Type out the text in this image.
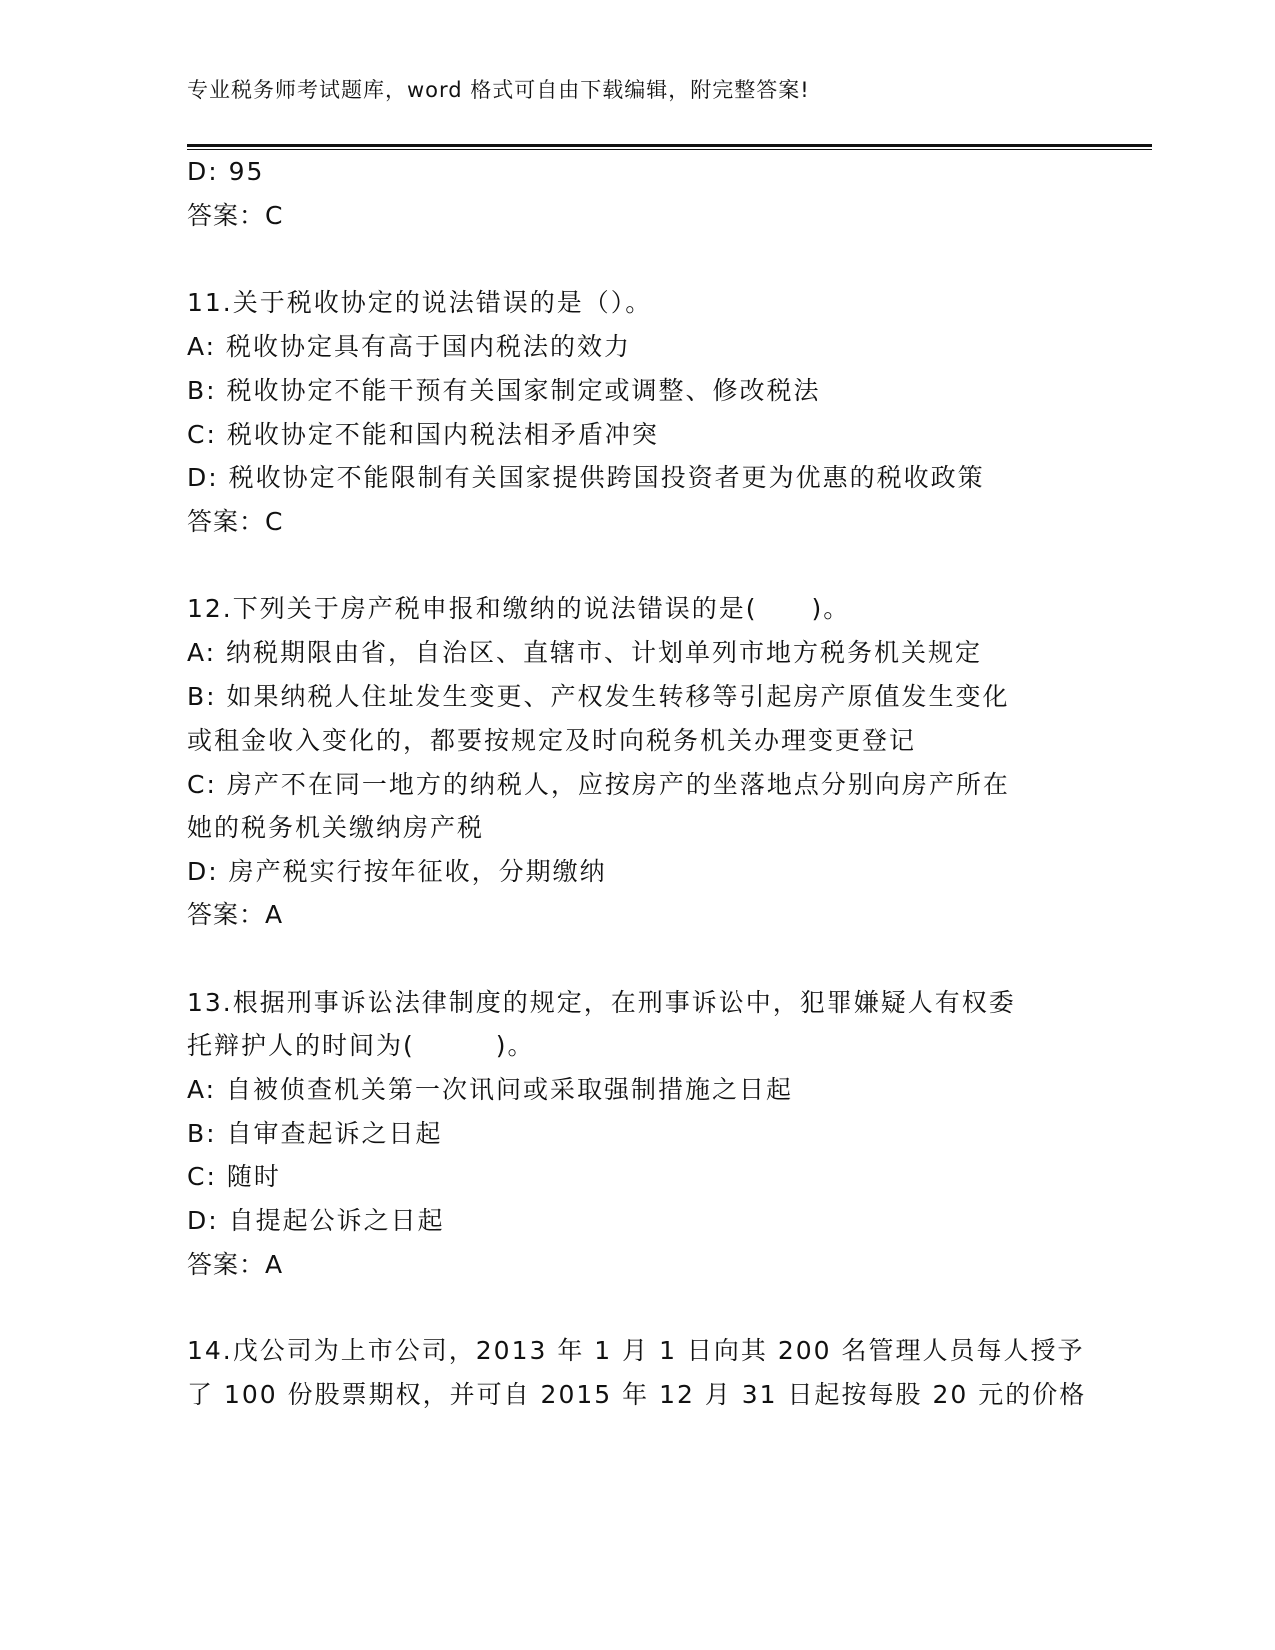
专业税务师考试题库，word 格式可自由下载编辑，附完整答案!
D: 95
答案：C
11.关于税收协定的说法错误的是（）。
A: 税收协定具有高于国内税法的效力
B: 税收协定不能干预有关国家制定或调整、修改税法
C: 税收协定不能和国内税法相矛盾冲突
D: 税收协定不能限制有关国家提供跨国投资者更为优惠的税收政策
答案：C
12.下列关于房产税申报和缴纳的说法错误的是(　　)。
A: 纳税期限由省，自治区、直辖市、计划单列市地方税务机关规定
B: 如果纳税人住址发生变更、产权发生转移等引起房产原值发生变化
或租金收入变化的，都要按规定及时向税务机关办理变更登记
C: 房产不在同一地方的纳税人，应按房产的坐落地点分别向房产所在
她的税务机关缴纳房产税
D: 房产税实行按年征收，分期缴纳
答案：A
13.根据刑事诉讼法律制度的规定，在刑事诉讼中，犯罪嫌疑人有权委
托辩护人的时间为(　　　)。
A: 自被侦查机关第一次讯问或采取强制措施之日起
B: 自审查起诉之日起
C: 随时
D: 自提起公诉之日起
答案：A
14.戊公司为上市公司，2013 年 1 月 1 日向其 200 名管理人员每人授予
了 100 份股票期权，并可自 2015 年 12 月 31 日起按每股 20 元的价格
